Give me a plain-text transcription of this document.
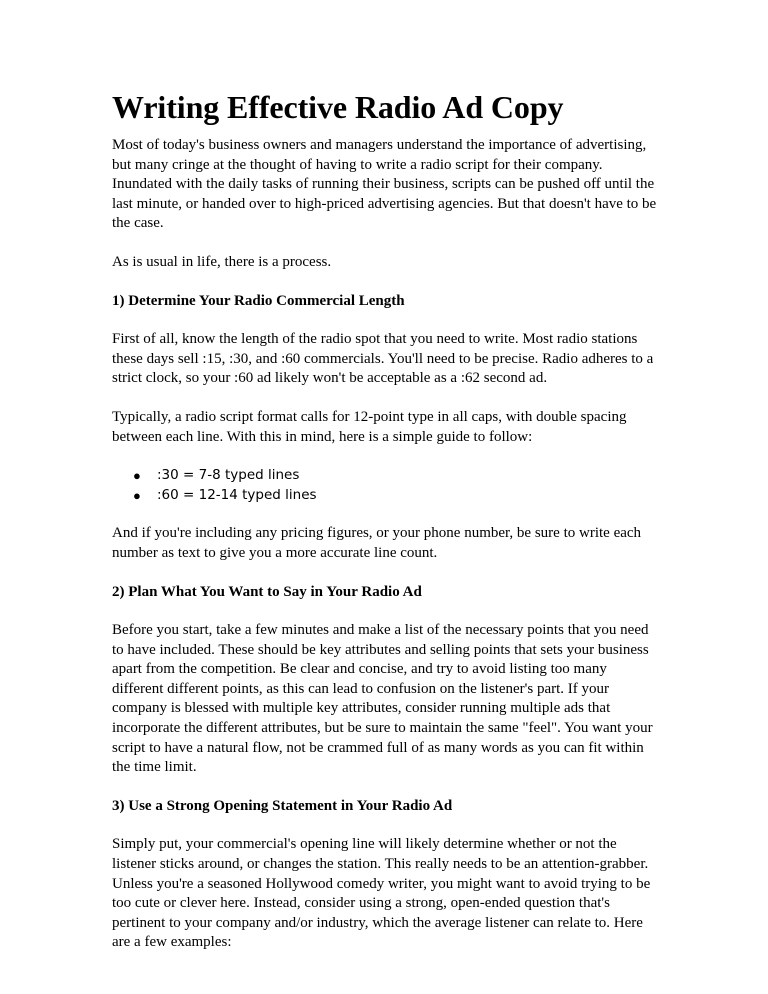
Writing Effective Radio Ad Copy

Most of today's business owners and managers understand the importance of advertising, but many cringe at the thought of having to write a radio script for their company. Inundated with the daily tasks of running their business, scripts can be pushed off until the last minute, or handed over to high-priced advertising agencies. But that doesn't have to be the case.

As is usual in life, there is a process.

1) Determine Your Radio Commercial Length

First of all, know the length of the radio spot that you need to write. Most radio stations these days sell :15, :30, and :60 commercials. You'll need to be precise. Radio adheres to a strict clock, so your :60 ad likely won't be acceptable as a :62 second ad.

Typically, a radio script format calls for 12-point type in all caps, with double spacing between each line. With this in mind, here is a simple guide to follow:

● :30 = 7-8 typed lines
● :60 = 12-14 typed lines

And if you're including any pricing figures, or your phone number, be sure to write each number as text to give you a more accurate line count.

2) Plan What You Want to Say in Your Radio Ad

Before you start, take a few minutes and make a list of the necessary points that you need to have included. These should be key attributes and selling points that sets your business apart from the competition. Be clear and concise, and try to avoid listing too many different different points, as this can lead to confusion on the listener's part. If your company is blessed with multiple key attributes, consider running multiple ads that incorporate the different attributes, but be sure to maintain the same "feel". You want your script to have a natural flow, not be crammed full of as many words as you can fit within the time limit.

3) Use a Strong Opening Statement in Your Radio Ad

Simply put, your commercial's opening line will likely determine whether or not the listener sticks around, or changes the station. This really needs to be an attention-grabber. Unless you're a seasoned Hollywood comedy writer, you might want to avoid trying to be too cute or clever here. Instead, consider using a strong, open-ended question that's pertinent to your company and/or industry, which the average listener can relate to. Here are a few examples:
